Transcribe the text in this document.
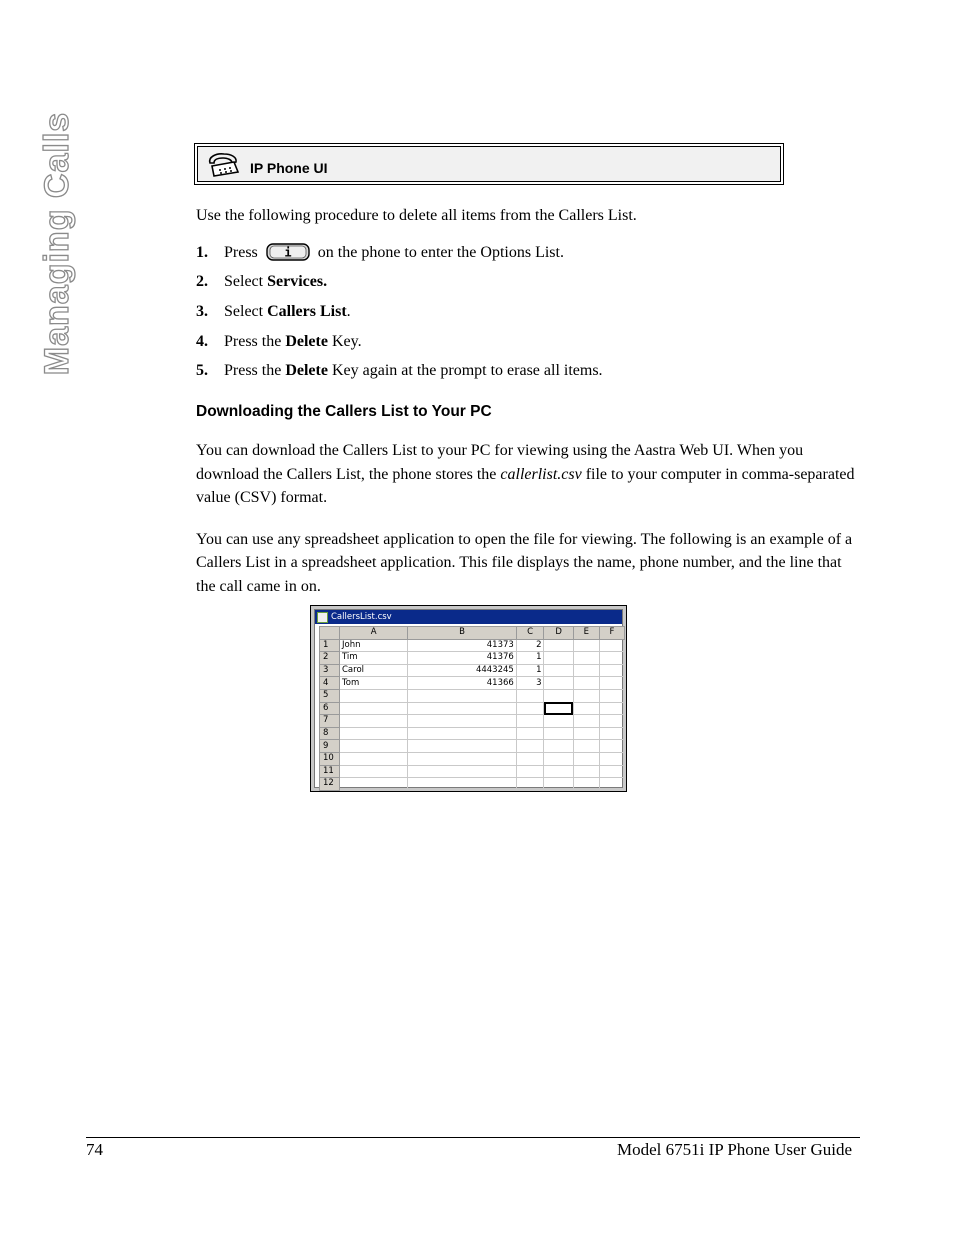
Managing Calls	IP Phone UI

Use the following procedure to delete all items from the Callers List.

1.	Press i on the phone to enter the Options List.
2.	Select Services.
3.	Select Callers List.
4.	Press the Delete Key.
5.	Press the Delete Key again at the prompt to erase all items.
Downloading the Callers List to Your PC

You can download the Callers List to your PC for viewing using the Aastra Web UI. When you download the Callers List, the phone stores the callerlist.csv file to your computer in comma-separated value (CSV) format.

You can use any spreadsheet application to open the file for viewing. The following is an example of a Callers List in a spreadsheet application. This file displays the name, phone number, and the line that the call came in on.

CallersList.csv
	A	B	C	D	E	F
1	John	41373	2			
2	Tim	41376	1			
3	Carol	4443245	1			
4	Tom	41366	3			
5						
6						
7						
8						
9						
10						
11						
12						
74	Model 6751i IP Phone User Guide
